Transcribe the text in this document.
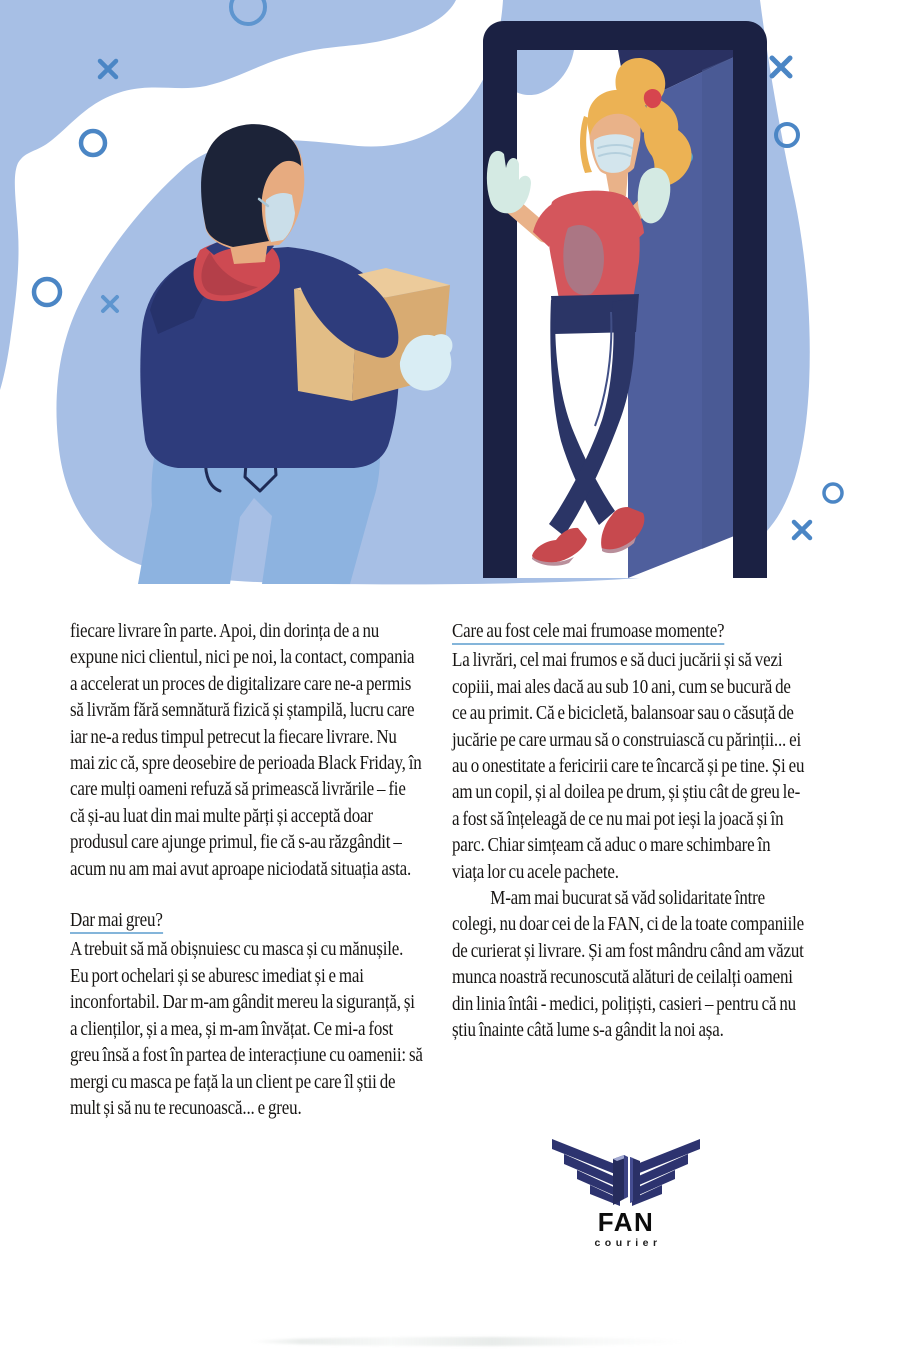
fiecare livrare în parte. Apoi, din dorința de a nu expune nici clientul, nici pe noi, la contact, compania a accelerat un proces de digitalizare care ne-a permis să livrăm fără semnătură fizică și ștampilă, lucru care iar ne-a redus timpul petrecut la fiecare livrare. Nu mai zic că, spre deosebire de perioada Black Friday, în care mulți oameni refuză să primească livrările – fie că și-au luat din mai multe părți și acceptă doar produsul care ajunge primul, fie că s-au răzgândit – acum nu am mai avut aproape niciodată situația asta.

Dar mai greu?

A trebuit să mă obișnuiesc cu masca și cu mănușile. Eu port ochelari și se aburesc imediat și e mai inconfortabil. Dar m-am gândit mereu la siguranță, și a clienților, și a mea, și m-am învățat. Ce mi-a fost greu însă a fost în partea de interacțiune cu oamenii: să mergi cu masca pe față la un client pe care îl știi de mult și să nu te recunoască... e greu.

Care au fost cele mai frumoase momente?

La livrări, cel mai frumos e să duci jucării și să vezi copiii, mai ales dacă au sub 10 ani, cum se bucură de ce au primit. Că e bicicletă, balansoar sau o căsuță de jucărie pe care urmau să o construiască cu părinții... ei au o onestitate a fericirii care te încarcă și pe tine. Și eu am un copil, și al doilea pe drum, și știu cât de greu le-a fost să înțeleagă de ce nu mai pot ieși la joacă și în parc. Chiar simțeam că aduc o mare schimbare în viața lor cu acele pachete.

M-am mai bucurat să văd solidaritate între colegi, nu doar cei de la FAN, ci de la toate companiile de curierat și livrare. Și am fost mândru când am văzut munca noastră recunoscută alături de ceilalți oameni din linia întâi - medici, polițiști, casieri – pentru că nu știu înainte câtă lume s-a gândit la noi așa.

FAN
courier
